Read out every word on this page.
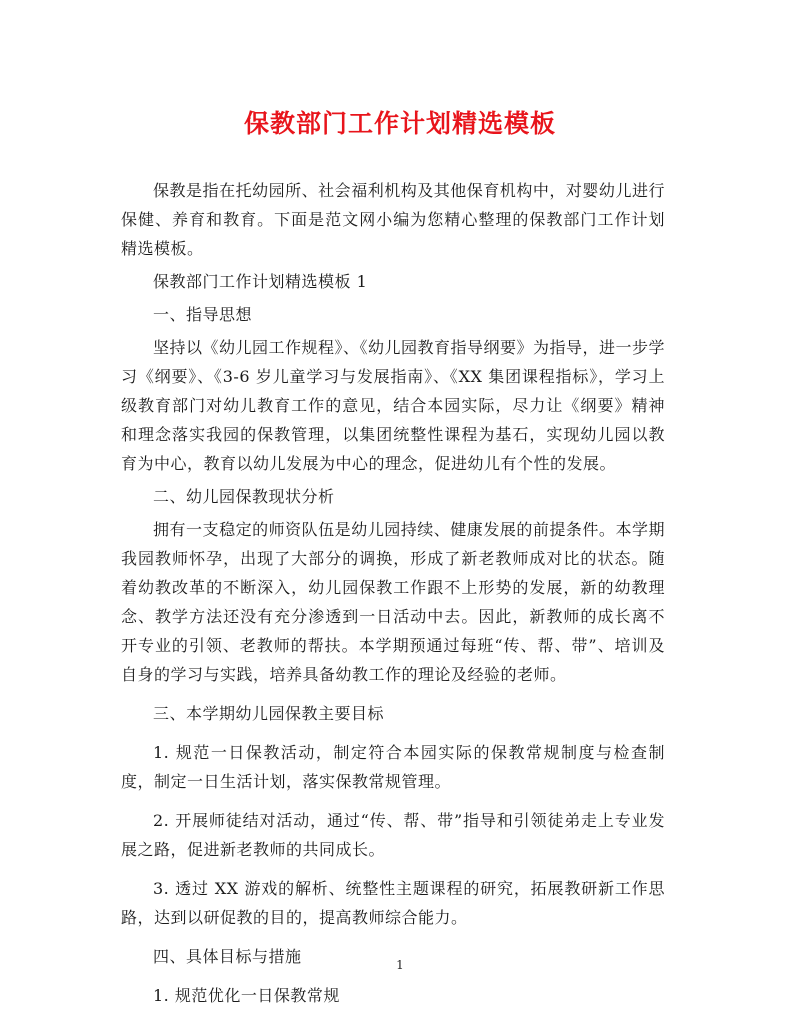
保教部门工作计划精选模板

保教是指在托幼园所、社会福利机构及其他保育机构中，对婴幼儿进行保健、养育和教育。下面是范文网小编为您精心整理的保教部门工作计划精选模板。

保教部门工作计划精选模板 1

一、指导思想

坚持以《幼儿园工作规程》、《幼儿园教育指导纲要》为指导，进一步学习《纲要》、《3-6 岁儿童学习与发展指南》、《XX 集团课程指标》，学习上级教育部门对幼儿教育工作的意见，结合本园实际，尽力让《纲要》精神和理念落实我园的保教管理，以集团统整性课程为基石，实现幼儿园以教育为中心，教育以幼儿发展为中心的理念，促进幼儿有个性的发展。

二、幼儿园保教现状分析

拥有一支稳定的师资队伍是幼儿园持续、健康发展的前提条件。本学期我园教师怀孕，出现了大部分的调换，形成了新老教师成对比的状态。随着幼教改革的不断深入，幼儿园保教工作跟不上形势的发展，新的幼教理念、教学方法还没有充分渗透到一日活动中去。因此，新教师的成长离不开专业的引领、老教师的帮扶。本学期预通过每班“传、帮、带”、培训及自身的学习与实践，培养具备幼教工作的理论及经验的老师。

三、本学期幼儿园保教主要目标

1. 规范一日保教活动，制定符合本园实际的保教常规制度与检查制度，制定一日生活计划，落实保教常规管理。

2. 开展师徒结对活动，通过“传、帮、带”指导和引领徒弟走上专业发展之路，促进新老教师的共同成长。

3. 透过 XX 游戏的解析、统整性主题课程的研究，拓展教研新工作思路，达到以研促教的目的，提高教师综合能力。

四、具体目标与措施

1. 规范优化一日保教常规

1
